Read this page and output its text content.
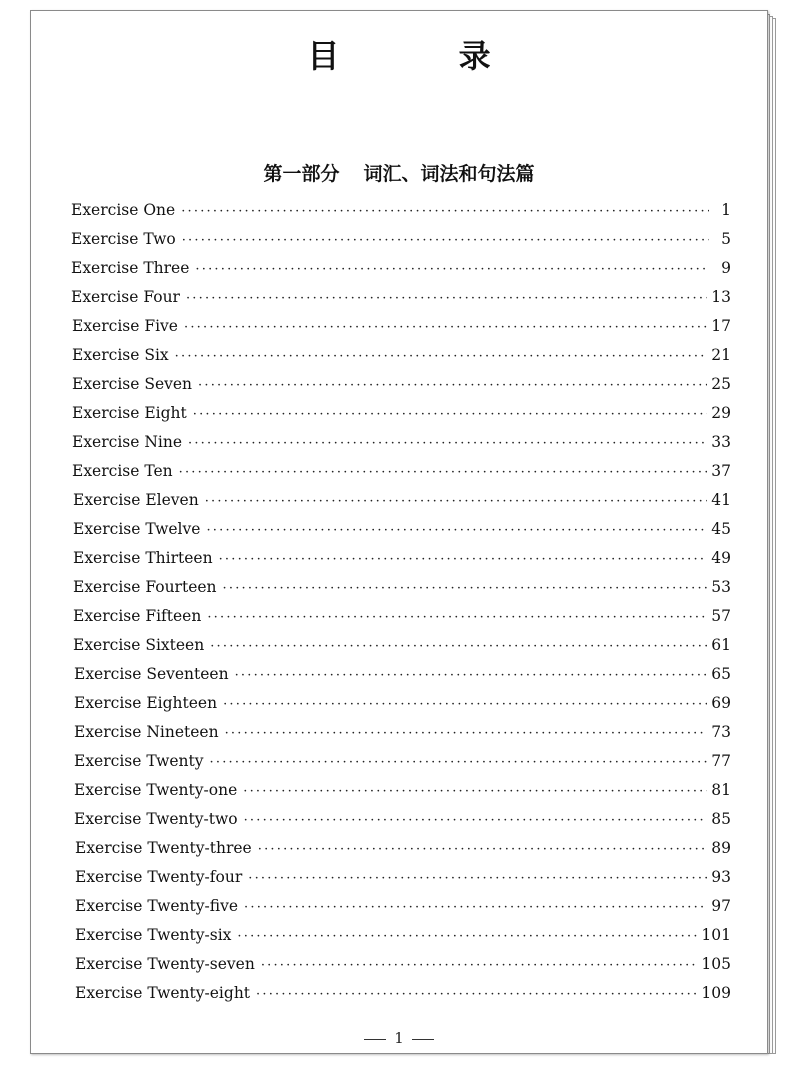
目 录
第一部分 词汇、词法和句法篇
Exercise One ·····	1
Exercise Two ·····	5
Exercise Three ·····	9
Exercise Four ·····	13
Exercise Five ·····	17
Exercise Six ·····	21
Exercise Seven ·····	25
Exercise Eight ·····	29
Exercise Nine ·····	33
Exercise Ten ·····	37
Exercise Eleven ·····	41
Exercise Twelve ·····	45
Exercise Thirteen ·····	49
Exercise Fourteen ·····	53
Exercise Fifteen ·····	57
Exercise Sixteen ·····	61
Exercise Seventeen ·····	65
Exercise Eighteen ·····	69
Exercise Nineteen ·····	73
Exercise Twenty ·····	77
Exercise Twenty-one ·····	81
Exercise Twenty-two ·····	85
Exercise Twenty-three ·····	89
Exercise Twenty-four ·····	93
Exercise Twenty-five ·····	97
Exercise Twenty-six ·····	101
Exercise Twenty-seven ·····	105
Exercise Twenty-eight ·····	109
1
